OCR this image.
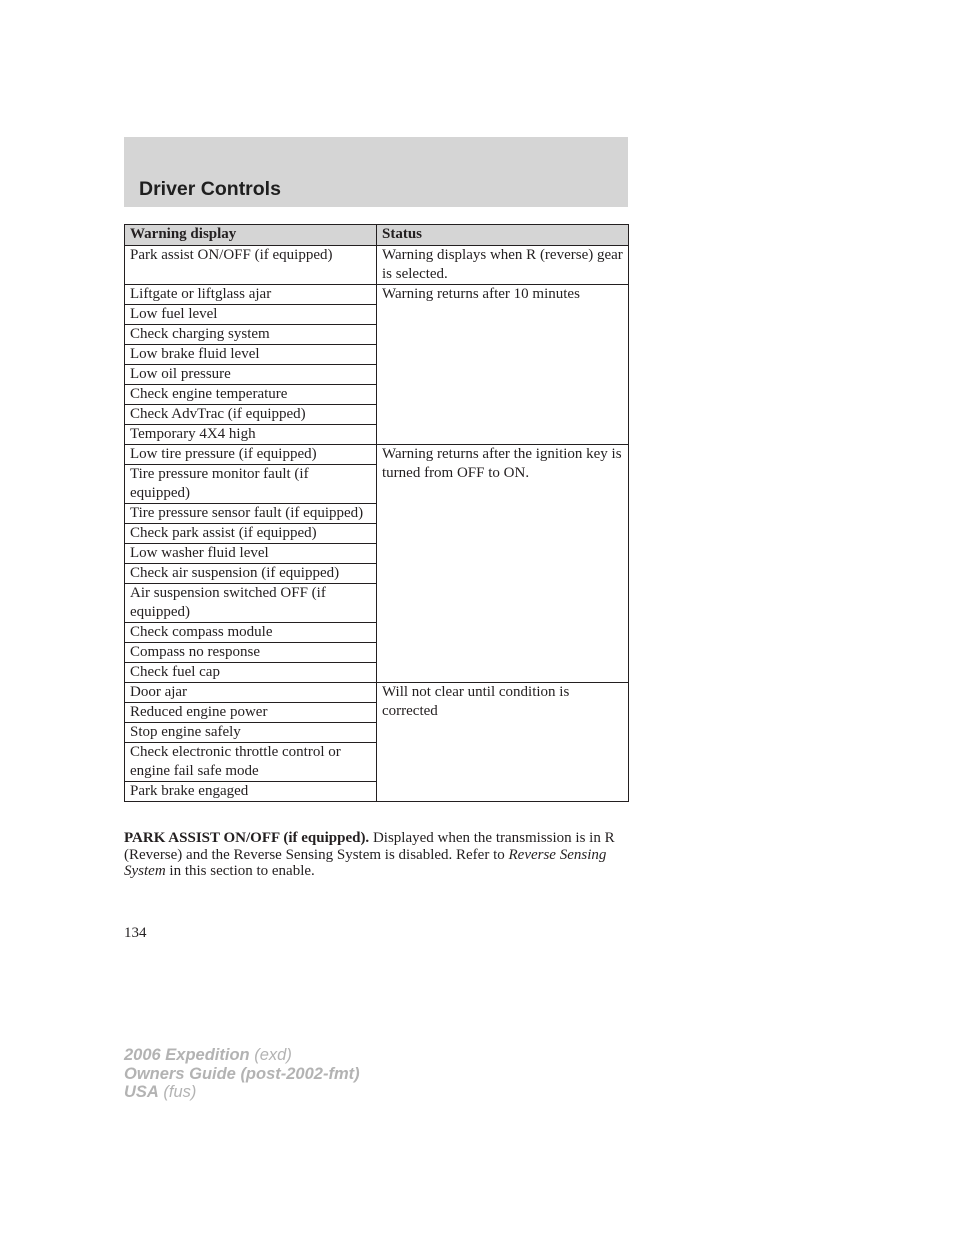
Driver Controls
Warning display	Status
Park assist ON/OFF (if equipped)	Warning displays when R (reverse) gear is selected.
Liftgate or liftglass ajar	Warning returns after 10 minutes
Low fuel level	
Check charging system	
Low brake fluid level	
Low oil pressure	
Check engine temperature	
Check AdvTrac (if equipped)	
Temporary 4X4 high	
Low tire pressure (if equipped)	Warning returns after the ignition key is turned from OFF to ON.
Tire pressure monitor fault (if equipped)	
Tire pressure sensor fault (if equipped)	
Check park assist (if equipped)	
Low washer fluid level	
Check air suspension (if equipped)	
Air suspension switched OFF (if equipped)	
Check compass module	
Compass no response	
Check fuel cap	
Door ajar	Will not clear until condition is corrected
Reduced engine power	
Stop engine safely	
Check electronic throttle control or engine fail safe mode	
Park brake engaged	

PARK ASSIST ON/OFF (if equipped). Displayed when the transmission is in R (Reverse) and the Reverse Sensing System is disabled. Refer to Reverse Sensing System in this section to enable.

134

2006 Expedition (exd)
Owners Guide (post-2002-fmt)
USA (fus)
